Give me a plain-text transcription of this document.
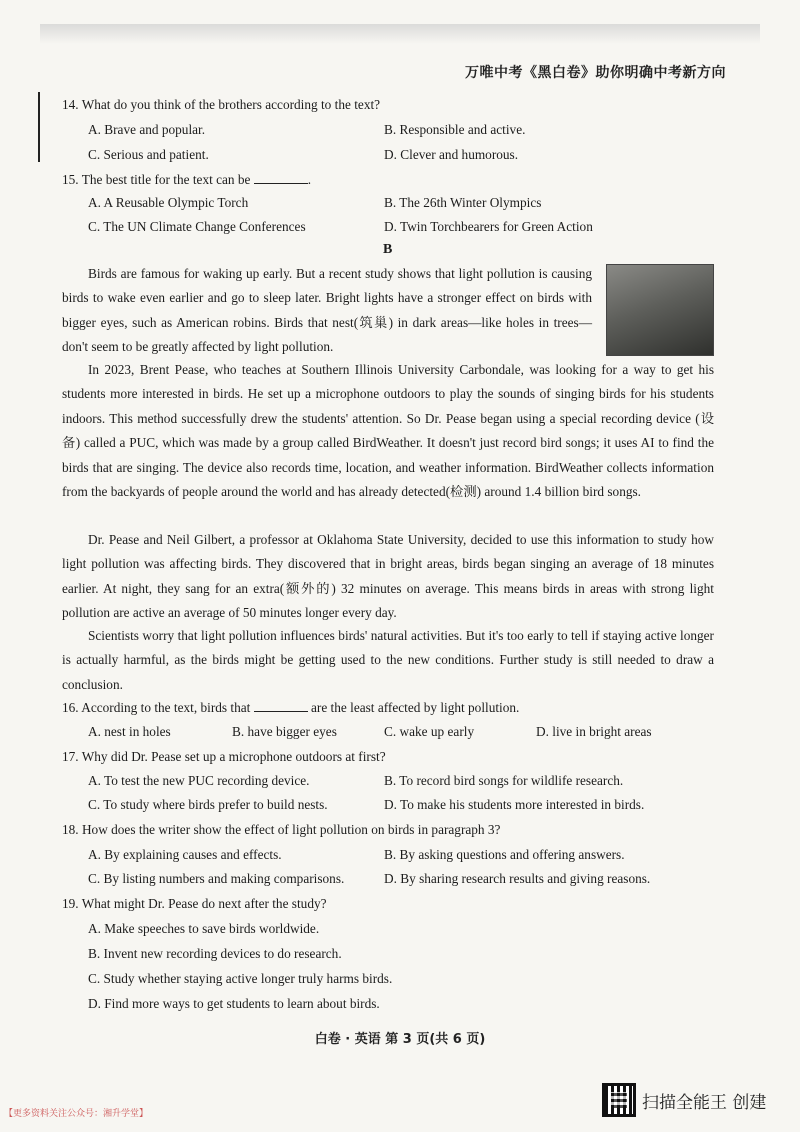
万唯中考《黑白卷》助你明确中考新方向
14. What do you think of the brothers according to the text?
A. Brave and popular.	B. Responsible and active.
C. Serious and patient.	D. Clever and humorous.
15. The best title for the text can be	.
A. A Reusable Olympic Torch	B. The 26th Winter Olympics
C. The UN Climate Change Conferences	D. Twin Torchbearers for Green Action
B
Birds are famous for waking up early. But a recent study shows that light pollution is causing birds to wake even earlier and go to sleep later. Bright lights have a stronger effect on birds with bigger eyes, such as American robins. Birds that nest(筑巢) in dark areas—like holes in trees—don't seem to be greatly affected by light pollution.
In 2023, Brent Pease, who teaches at Southern Illinois University Carbondale, was looking for a way to get his students more interested in birds. He set up a microphone outdoors to play the sounds of singing birds for his students indoors. This method successfully drew the students' attention. So Dr. Pease began using a special recording device (设备) called a PUC, which was made by a group called BirdWeather. It doesn't just record bird songs; it uses AI to find the birds that are singing. The device also records time, location, and weather information. BirdWeather collects information from the backyards of people around the world and has already detected(检测) around 1.4 billion bird songs.
Dr. Pease and Neil Gilbert, a professor at Oklahoma State University, decided to use this information to study how light pollution was affecting birds. They discovered that in bright areas, birds began singing an average of 18 minutes earlier. At night, they sang for an extra(额外的) 32 minutes on average. This means birds in areas with strong light pollution are active an average of 50 minutes longer every day.
Scientists worry that light pollution influences birds' natural activities. But it's too early to tell if staying active longer is actually harmful, as the birds might be getting used to the new conditions. Further study is still needed to draw a conclusion.
16. According to the text, birds that	are the least affected by light pollution.
A. nest in holes	B. have bigger eyes	C. wake up early	D. live in bright areas
17. Why did Dr. Pease set up a microphone outdoors at first?
A. To test the new PUC recording device.	B. To record bird songs for wildlife research.
C. To study where birds prefer to build nests.	D. To make his students more interested in birds.
18. How does the writer show the effect of light pollution on birds in paragraph 3?
A. By explaining causes and effects.	B. By asking questions and offering answers.
C. By listing numbers and making comparisons.	D. By sharing research results and giving reasons.
19. What might Dr. Pease do next after the study?
A. Make speeches to save birds worldwide.
B. Invent new recording devices to do research.
C. Study whether staying active longer truly harms birds.
D. Find more ways to get students to learn about birds.
白卷 · 英语 第 3 页(共 6 页)
扫描全能王 创建
【更多资料关注公众号：湘升学堂】
